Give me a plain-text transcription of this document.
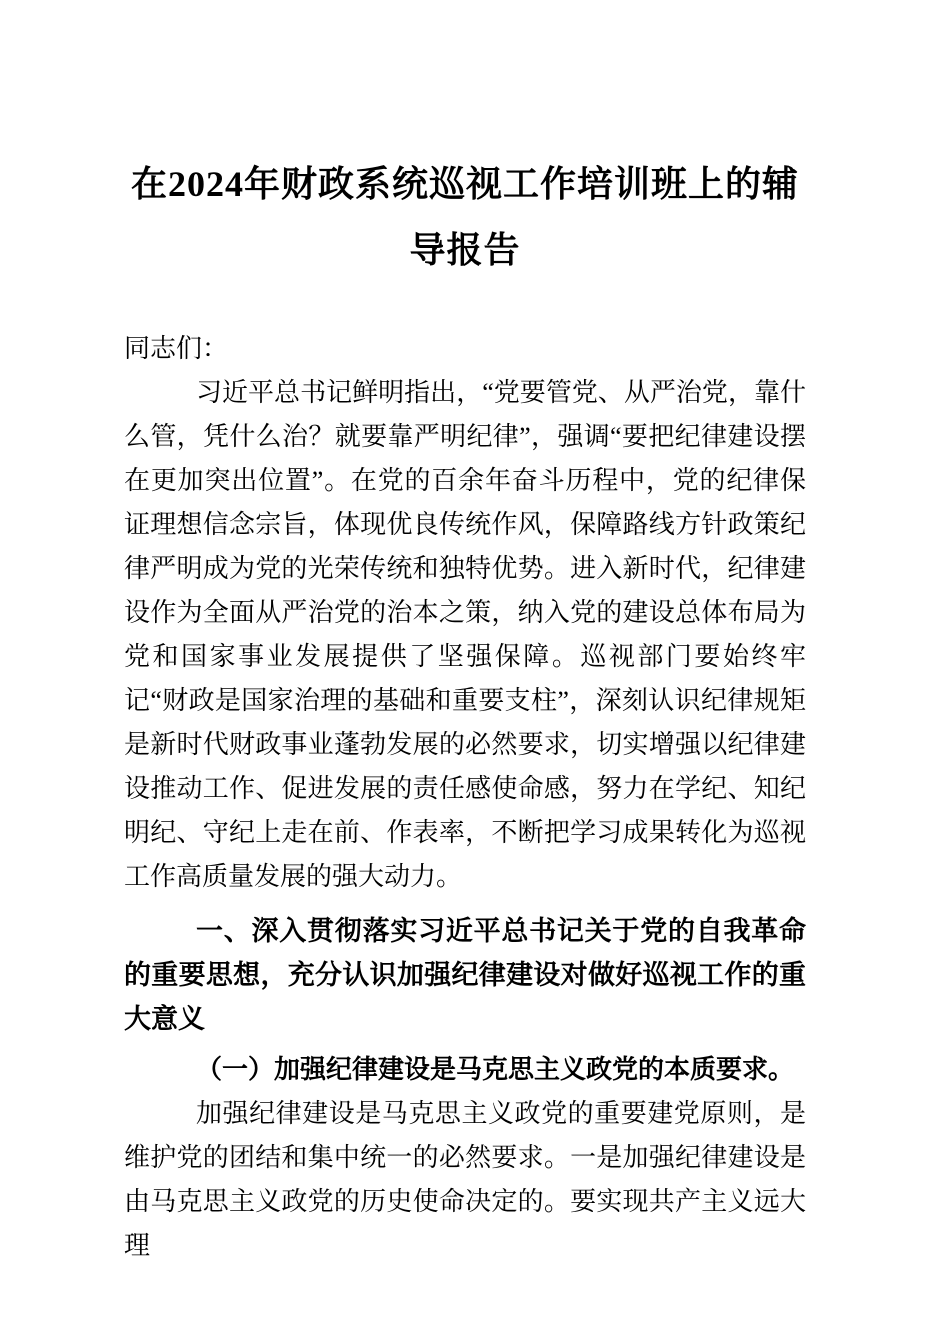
在2024年财政系统巡视工作培训班上的辅导报告

同志们：

习近平总书记鲜明指出，“党要管党、从严治党，靠什么管，凭什么治？就要靠严明纪律”，强调“要把纪律建设摆在更加突出位置”。在党的百余年奋斗历程中，党的纪律保证理想信念宗旨，体现优良传统作风，保障路线方针政策纪律严明成为党的光荣传统和独特优势。进入新时代，纪律建设作为全面从严治党的治本之策，纳入党的建设总体布局为党和国家事业发展提供了坚强保障。巡视部门要始终牢记“财政是国家治理的基础和重要支柱”，深刻认识纪律规矩是新时代财政事业蓬勃发展的必然要求，切实增强以纪律建设推动工作、促进发展的责任感使命感，努力在学纪、知纪明纪、守纪上走在前、作表率，不断把学习成果转化为巡视工作高质量发展的强大动力。

一、深入贯彻落实习近平总书记关于党的自我革命的重要思想，充分认识加强纪律建设对做好巡视工作的重大意义
（一）加强纪律建设是马克思主义政党的本质要求。

加强纪律建设是马克思主义政党的重要建党原则，是维护党的团结和集中统一的必然要求。一是加强纪律建设是由马克思主义政党的历史使命决定的。要实现共产主义远大理
